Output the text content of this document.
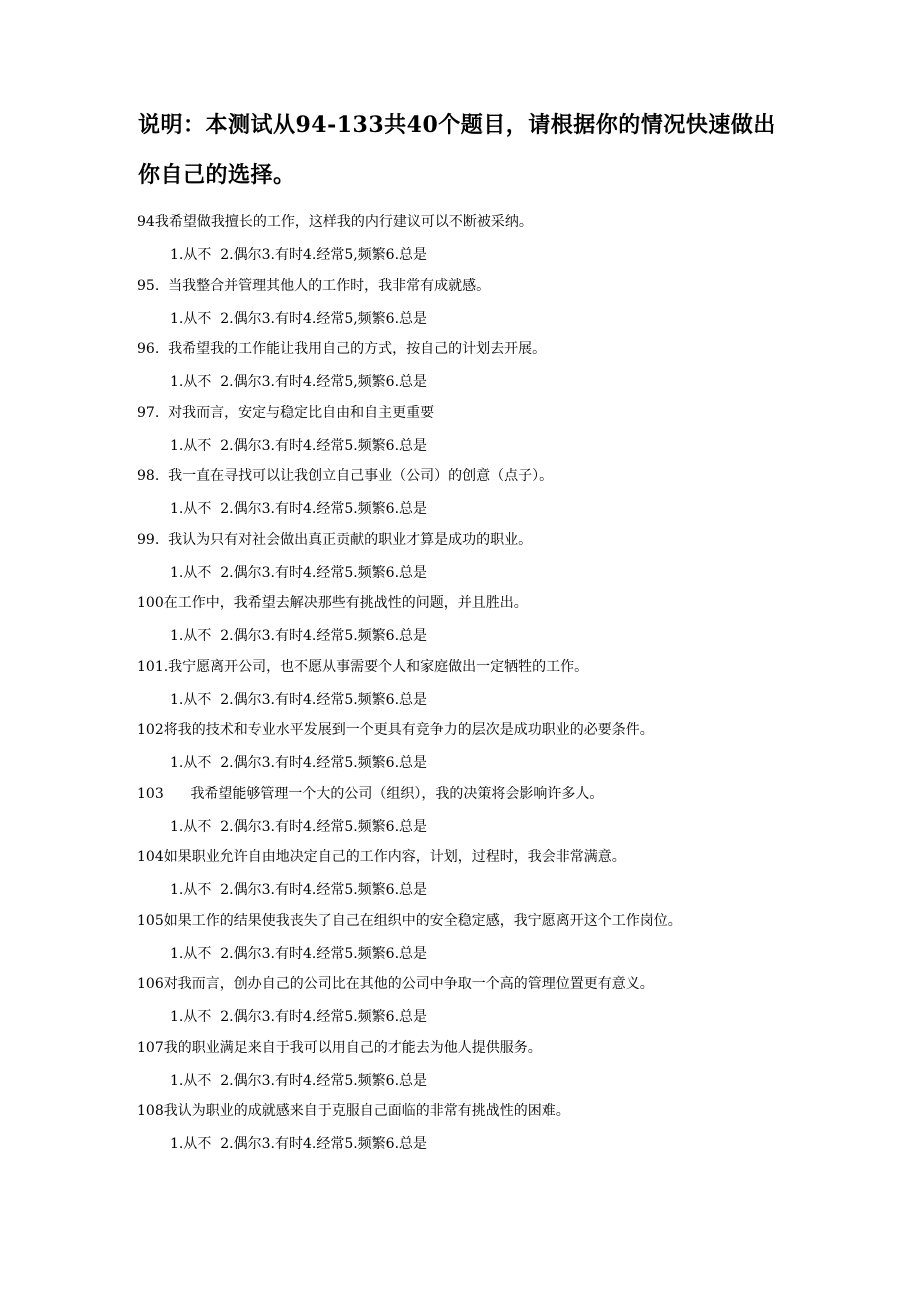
说明：本测试从94-133共40个题目，请根据你的情况快速做出你自己的选择。
94我希望做我擅长的工作，这样我的内行建议可以不断被采纳。
1.从不  2.偶尔3.有时4.经常5,频繁6.总是
95. 当我整合并管理其他人的工作时，我非常有成就感。
1.从不  2.偶尔3.有时4.经常5,频繁6.总是
96. 我希望我的工作能让我用自己的方式，按自己的计划去开展。
1.从不  2.偶尔3.有时4.经常5,频繁6.总是
97. 对我而言，安定与稳定比自由和自主更重要
1.从不  2.偶尔3.有时4.经常5.频繁6.总是
98. 我一直在寻找可以让我创立自己事业（公司）的创意（点子）。
1.从不  2.偶尔3.有时4.经常5.频繁6.总是
99. 我认为只有对社会做出真正贡献的职业才算是成功的职业。
1.从不  2.偶尔3.有时4.经常5.频繁6.总是
100在工作中，我希望去解决那些有挑战性的问题，并且胜出。
1.从不  2.偶尔3.有时4.经常5.频繁6.总是
101.我宁愿离开公司，也不愿从事需要个人和家庭做出一定牺牲的工作。
1.从不  2.偶尔3.有时4.经常5.频繁6.总是
102将我的技术和专业水平发展到一个更具有竞争力的层次是成功职业的必要条件。
1.从不  2.偶尔3.有时4.经常5.频繁6.总是
103 我希望能够管理一个大的公司（组织），我的决策将会影响许多人。
1.从不  2.偶尔3.有时4.经常5.频繁6.总是
104如果职业允许自由地决定自己的工作内容，计划，过程时，我会非常满意。
1.从不  2.偶尔3.有时4.经常5.频繁6.总是
105如果工作的结果使我丧失了自己在组织中的安全稳定感，我宁愿离开这个工作岗位。
1.从不  2.偶尔3.有时4.经常5.频繁6.总是
106对我而言，创办自己的公司比在其他的公司中争取一个高的管理位置更有意义。
1.从不  2.偶尔3.有时4.经常5.频繁6.总是
107我的职业满足来自于我可以用自己的才能去为他人提供服务。
1.从不  2.偶尔3.有时4.经常5.频繁6.总是
108我认为职业的成就感来自于克服自己面临的非常有挑战性的困难。
1.从不  2.偶尔3.有时4.经常5.频繁6.总是
